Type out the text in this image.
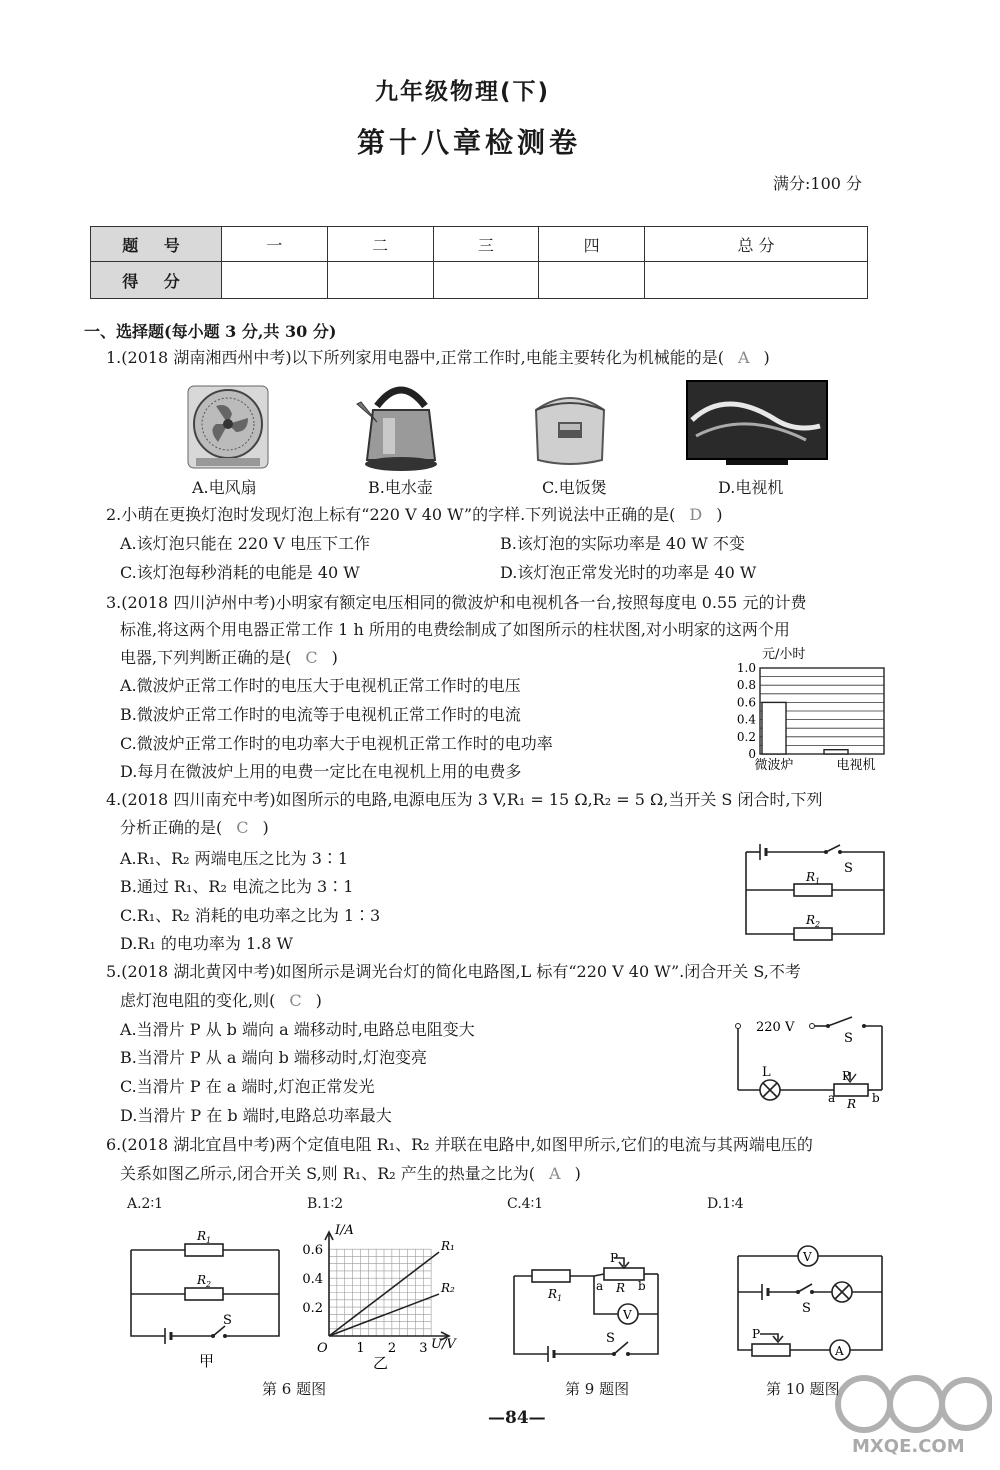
九年级物理(下)
第十八章检测卷
满分:100 分
题 号	一	二	三	四	总 分
得 分					
一、选择题(每小题 3 分,共 30 分)
1.(2018 湖南湘西州中考)以下所列家用电器中,正常工作时,电能主要转化为机械能的是( A )
A.电风扇	B.电水壶	C.电饭煲	D.电视机
2.小萌在更换灯泡时发现灯泡上标有“220 V 40 W”的字样.下列说法中正确的是( D )
A.该灯泡只能在 220 V 电压下工作	B.该灯泡的实际功率是 40 W 不变
C.该灯泡每秒消耗的电能是 40 W	D.该灯泡正常发光时的功率是 40 W
3.(2018 四川泸州中考)小明家有额定电压相同的微波炉和电视机各一台,按照每度电 0.55 元的计费
标准,将这两个用电器正常工作 1 h 所用的电费绘制成了如图所示的柱状图,对小明家的这两个用
电器,下列判断正确的是( C )
A.微波炉正常工作时的电压大于电视机正常工作时的电压
B.微波炉正常工作时的电流等于电视机正常工作时的电流
C.微波炉正常工作时的电功率大于电视机正常工作时的电功率
D.每月在微波炉上用的电费一定比在电视机上用的电费多
元/小时
0
0.2
0.4
0.6
0.8
1.0
微波炉	电视机
4.(2018 四川南充中考)如图所示的电路,电源电压为 3 V,R₁ = 15 Ω,R₂ = 5 Ω,当开关 S 闭合时,下列
分析正确的是( C )
A.R₁、R₂ 两端电压之比为 3∶1
B.通过 R₁、R₂ 电流之比为 3∶1
C.R₁、R₂ 消耗的电功率之比为 1∶3
D.R₁ 的电功率为 1.8 W
S
$R_1$
$R_2$
5.(2018 湖北黄冈中考)如图所示是调光台灯的简化电路图,L 标有“220 V 40 W”.闭合开关 S,不考
虑灯泡电阻的变化,则( C )
A.当滑片 P 从 b 端向 a 端移动时,电路总电阻变大
B.当滑片 P 从 a 端向 b 端移动时,灯泡变亮
C.当滑片 P 在 a 端时,灯泡正常发光
D.当滑片 P 在 b 端时,电路总功率最大
220 V
S
L	P
a	b
R
6.(2018 湖北宜昌中考)两个定值电阻 R₁、R₂ 并联在电路中,如图甲所示,它们的电流与其两端电压的
关系如图乙所示,闭合开关 S,则 R₁、R₂ 产生的热量之比为( A )
A.2∶1	B.1∶2	C.4∶1	D.1∶4
$R_1$
$R_2$
S
甲
O 1 2 3
0.2
0.4
0.6	R₁
R₂
I/A
U/V
乙
V
P
a	b
R
$R_1$
S
V
A
S
P
第 6 题图	第 9 题图	第 10 题图
—84—
MXQE.COM
